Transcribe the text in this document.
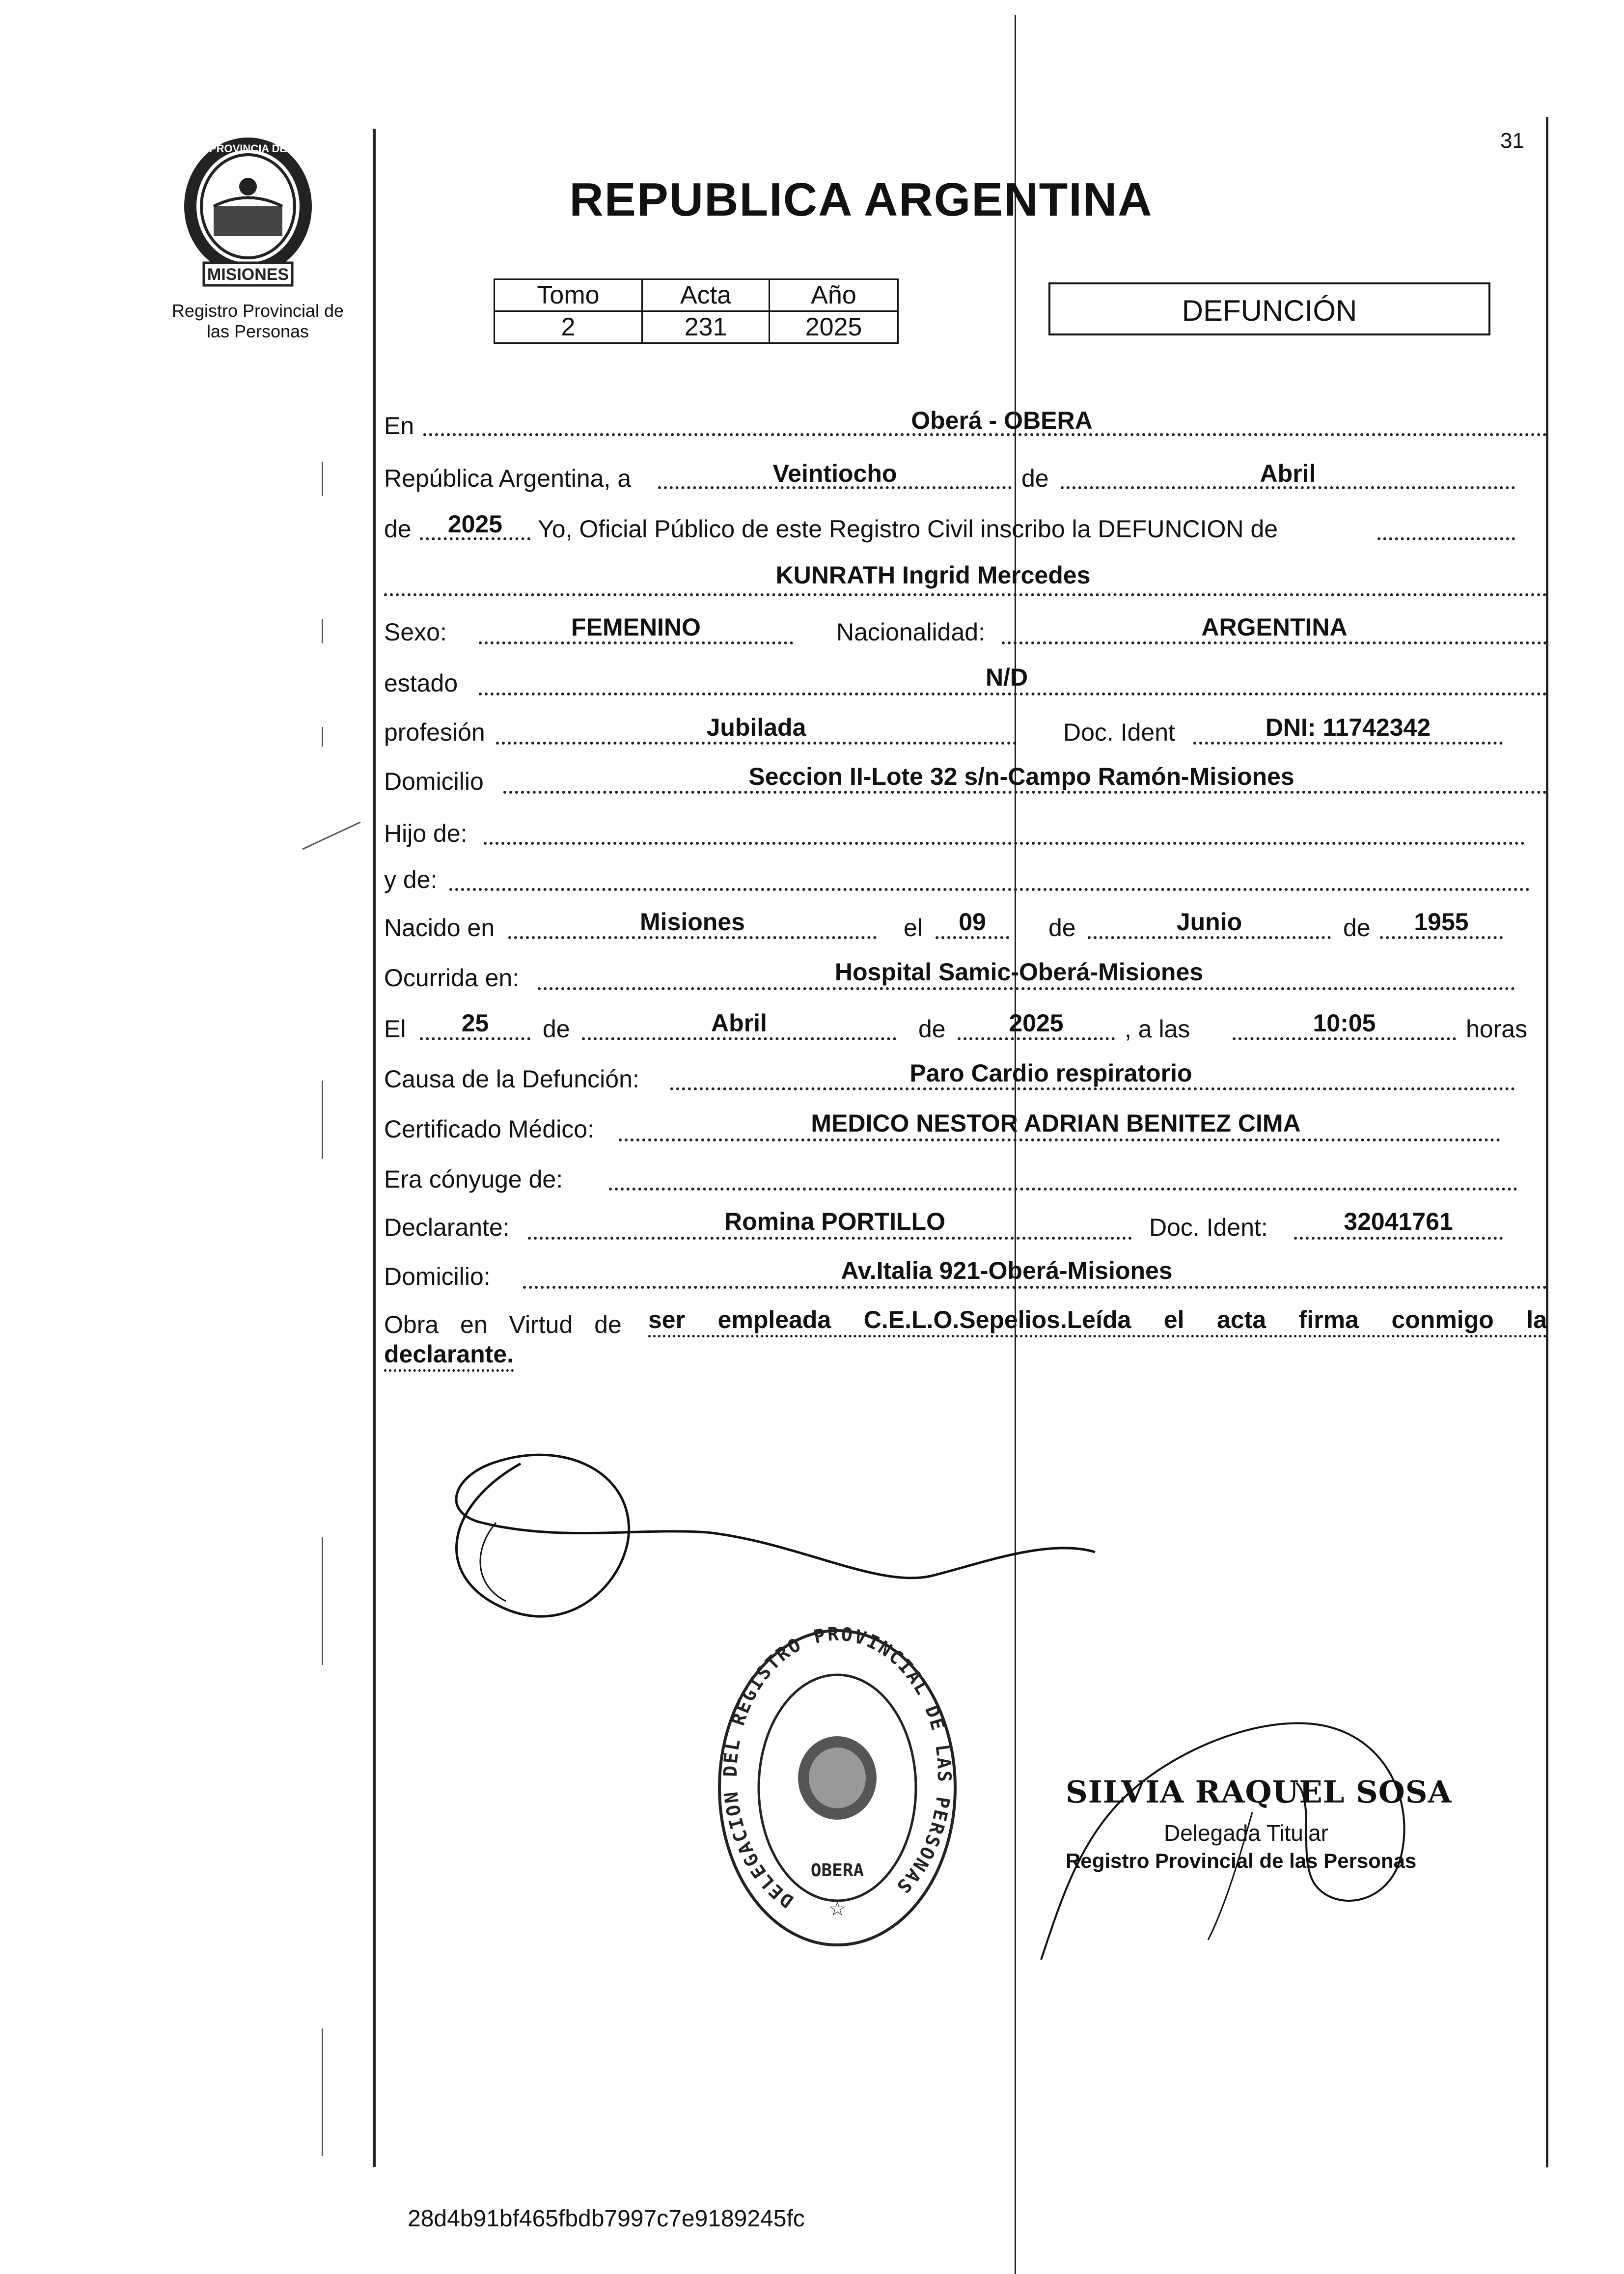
MISIONES
PROVINCIA DE
Registro Provincial de
las Personas
31
REPUBLICA ARGENTINA
Tomo	Acta	Año
2	231	2025	DEFUNCIÓN
En	Oberá - OBERA
República Argentina, a	Veintiocho	de	Abril
de	2025	Yo, Oficial Público de este Registro Civil inscribo la DEFUNCION de
KUNRATH Ingrid Mercedes
Sexo:	FEMENINO	Nacionalidad:	ARGENTINA
estado	N/D
profesión	Jubilada	Doc. Ident	DNI: 11742342
Domicilio	Seccion II-Lote 32 s/n-Campo Ramón-Misiones
Hijo de:
y de:
Nacido en	Misiones	el	09	de	Junio	de	1955
Ocurrida en:	Hospital Samic-Oberá-Misiones
El	25	de	Abril	de	2025	, a las	10:05	horas
Causa de la Defunción:	Paro Cardio respiratorio
Certificado Médico:	MEDICO NESTOR ADRIAN BENITEZ CIMA
Era cónyuge de:
Declarante:	Romina PORTILLO	Doc. Ident:	32041761
Domicilio:	Av.Italia 921-Oberá-Misiones
Obra en Virtud de ser empleada C.E.L.O.Sepelios.Leída el acta firma conmigo la
declarante.
DELEGACION DEL REGISTRO PROVINCIAL DE LAS PERSONAS
OBERA
☆
SILVIA RAQUEL SOSA
Delegada Titular
Registro Provincial de las Personas
28d4b91bf465fbdb7997c7e9189245fc
